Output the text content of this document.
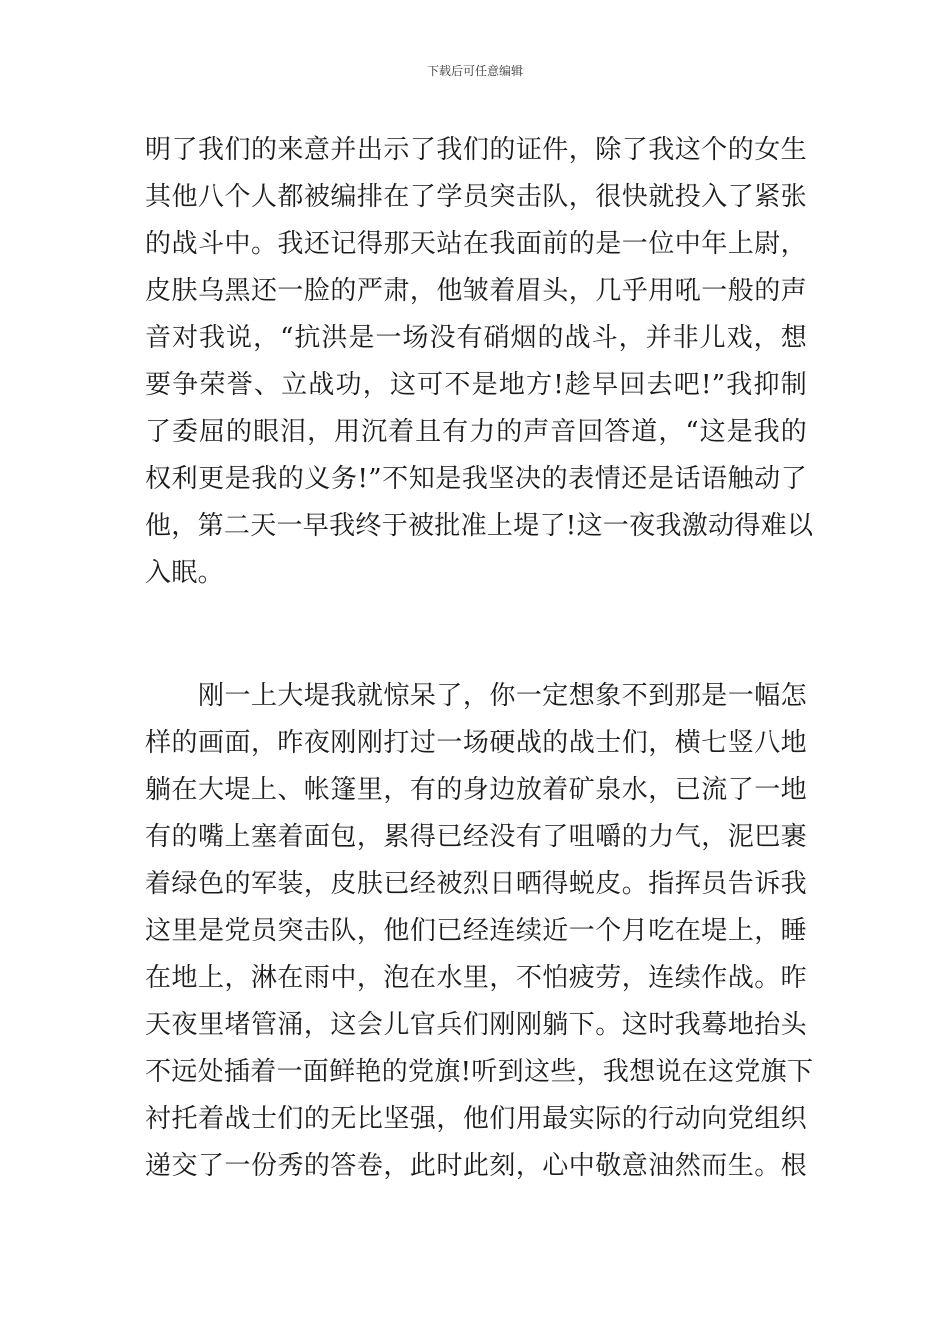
下载后可任意编辑
明了我们的来意并出示了我们的证件，除了我这个的女生
其他八个人都被编排在了学员突击队，很快就投入了紧张
的战斗中。我还记得那天站在我面前的是一位中年上尉，
皮肤乌黑还一脸的严肃，他皱着眉头，几乎用吼一般的声
音对我说，“抗洪是一场没有硝烟的战斗，并非儿戏，想
要争荣誉、立战功，这可不是地方!趁早回去吧!”我抑制
了委屈的眼泪，用沉着且有力的声音回答道，“这是我的
权利更是我的义务!”不知是我坚决的表情还是话语触动了
他，第二天一早我终于被批准上堤了!这一夜我激动得难以
入眠。
　　刚一上大堤我就惊呆了，你一定想象不到那是一幅怎
样的画面，昨夜刚刚打过一场硬战的战士们，横七竖八地
躺在大堤上、帐篷里，有的身边放着矿泉水，已流了一地
有的嘴上塞着面包，累得已经没有了咀嚼的力气，泥巴裹
着绿色的军装，皮肤已经被烈日晒得蜕皮。指挥员告诉我
这里是党员突击队，他们已经连续近一个月吃在堤上，睡
在地上，淋在雨中，泡在水里，不怕疲劳，连续作战。昨
天夜里堵管涌，这会儿官兵们刚刚躺下。这时我蓦地抬头
不远处插着一面鲜艳的党旗!听到这些，我想说在这党旗下
衬托着战士们的无比坚强，他们用最实际的行动向党组织
递交了一份秀的答卷，此时此刻，心中敬意油然而生。根
